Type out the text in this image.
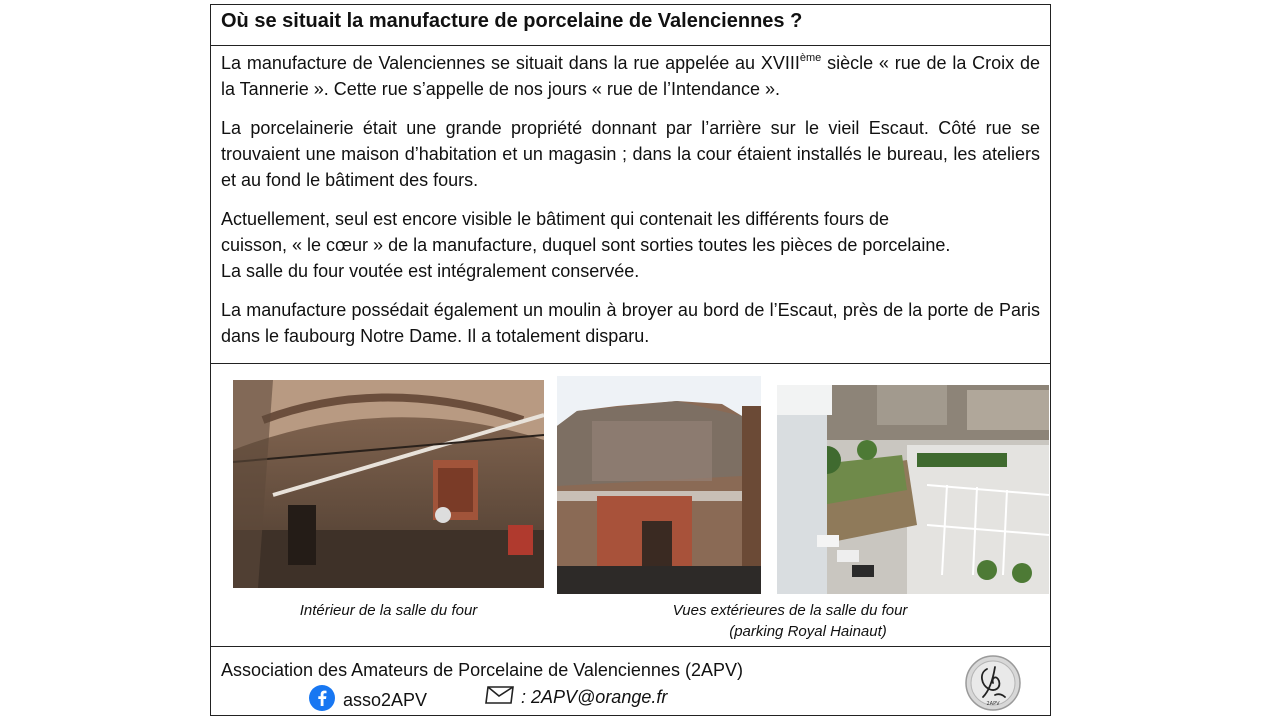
Où se situait la manufacture de porcelaine de Valenciennes ?

La manufacture de Valenciennes se situait dans la rue appelée au XVIIIème siècle « rue de la Croix de la Tannerie ». Cette rue s’appelle de nos jours « rue de l’Intendance ».

La porcelainerie était une grande propriété donnant par l’arrière sur le vieil Escaut. Côté rue se trouvaient une maison d’habitation et un magasin ; dans la cour étaient installés le bureau, les ateliers et au fond le bâtiment des fours.

Actuellement, seul est encore visible le bâtiment qui contenait les différents fours de
cuisson, « le cœur » de la manufacture, duquel sont sorties toutes les pièces de porcelaine.
La salle du four voutée est intégralement conservée.

La manufacture possédait également un moulin à broyer au bord de l’Escaut, près de la porte de Paris dans le faubourg Notre Dame. Il a totalement disparu.

Intérieur de la salle du four	Vues extérieures de la salle du four
(parking Royal Hainaut)
Association des Amateurs de Porcelaine de Valenciennes (2APV)
asso2APV	: 2APV@orange.fr	2APV
